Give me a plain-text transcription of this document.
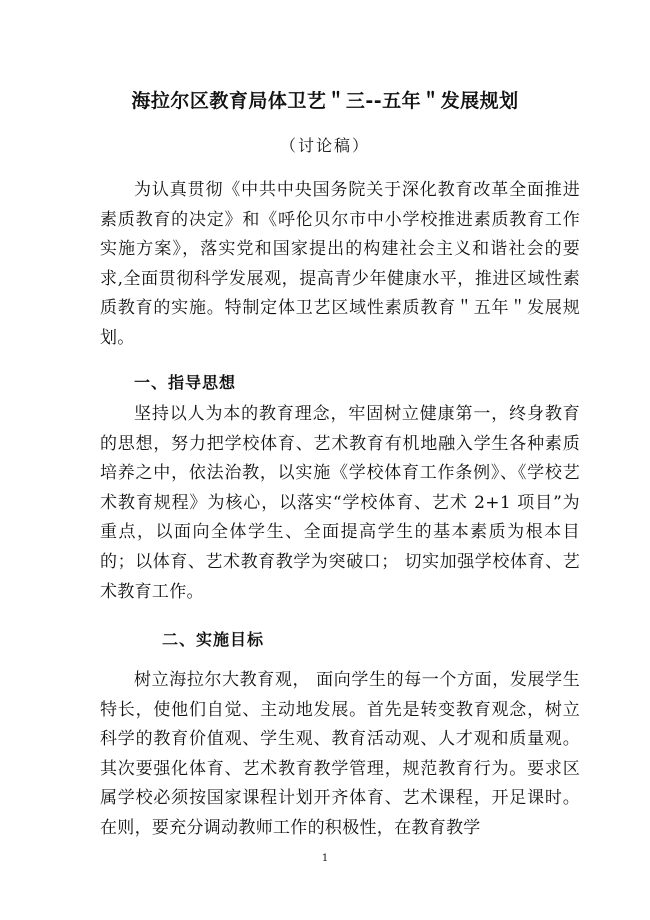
海拉尔区教育局体卫艺＂三--五年＂发展规划
（讨论稿）

为认真贯彻《中共中央国务院关于深化教育改革全面推进素质教育的决定》和《呼伦贝尔市中小学校推进素质教育工作实施方案》，落实党和国家提出的构建社会主义和谐社会的要求,全面贯彻科学发展观，提高青少年健康水平，推进区域性素质教育的实施。特制定体卫艺区域性素质教育＂五年＂发展规划。

一、指导思想

坚持以人为本的教育理念，牢固树立健康第一，终身教育的思想，努力把学校体育、艺术教育有机地融入学生各种素质培养之中，依法治教，以实施《学校体育工作条例》、《学校艺术教育规程》为核心，以落实“学校体育、艺术 2+1 项目”为重点，以面向全体学生、全面提高学生的基本素质为根本目的；以体育、艺术教育教学为突破口； 切实加强学校体育、艺术教育工作。

二、实施目标

树立海拉尔大教育观， 面向学生的每一个方面，发展学生特长，使他们自觉、主动地发展。首先是转变教育观念，树立科学的教育价值观、学生观、教育活动观、人才观和质量观。其次要强化体育、艺术教育教学管理，规范教育行为。要求区属学校必须按国家课程计划开齐体育、艺术课程，开足课时。在则，要充分调动教师工作的积极性，在教育教学

1
